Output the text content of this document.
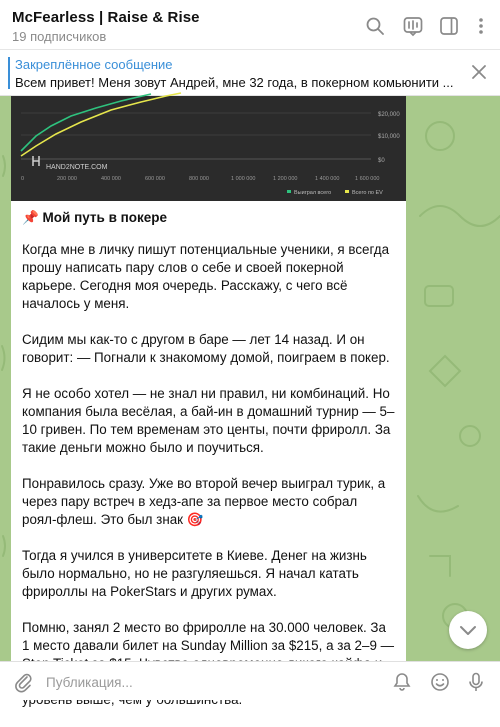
McFearless | Raise & Rise
19 подписчиков
Закреплённое сообщение
Всем привет! Меня зовут Андрей, мне 32 года, в покерном комьюнити ...
HAND2NOTE.COM
$20,000
$10,000
$0
0	200 000	400 000	600 000	800 000	1 000 000	1 200 000	1 400 000	1 600 000
Выиграл всего	Всего по EV

📌 Мой путь в покере

Когда мне в личку пишут потенциальные ученики, я всегда прошу написать пару слов о себе и своей покерной карьере. Сегодня моя очередь. Расскажу, с чего всё началось у меня.

Сидим мы как-то с другом в баре — лет 14 назад. И он говорит: — Погнали к знакомому домой, поиграем в покер.

Я не особо хотел — не знал ни правил, ни комбинаций. Но компания была весёлая, а бай-ин в домашний турнир — 5–10 гривен. По тем временам это центы, почти фриролл. За такие деньги можно было и поучиться.

Понравилось сразу. Уже во второй вечер выиграл турик, а через пару встреч в хедз-апе за первое место собрал роял-флеш. Это был знак 🎯

Тогда я учился в университете в Киеве. Денег на жизнь было нормально, но не разгуляешься. Я начал катать фрироллы на PokerStars и других румах.

Помню, занял 2 место во фриролле на 30.000 человек. За 1 место давали билет на Sunday Million за $215, а за 2–9 —

Публикация...
